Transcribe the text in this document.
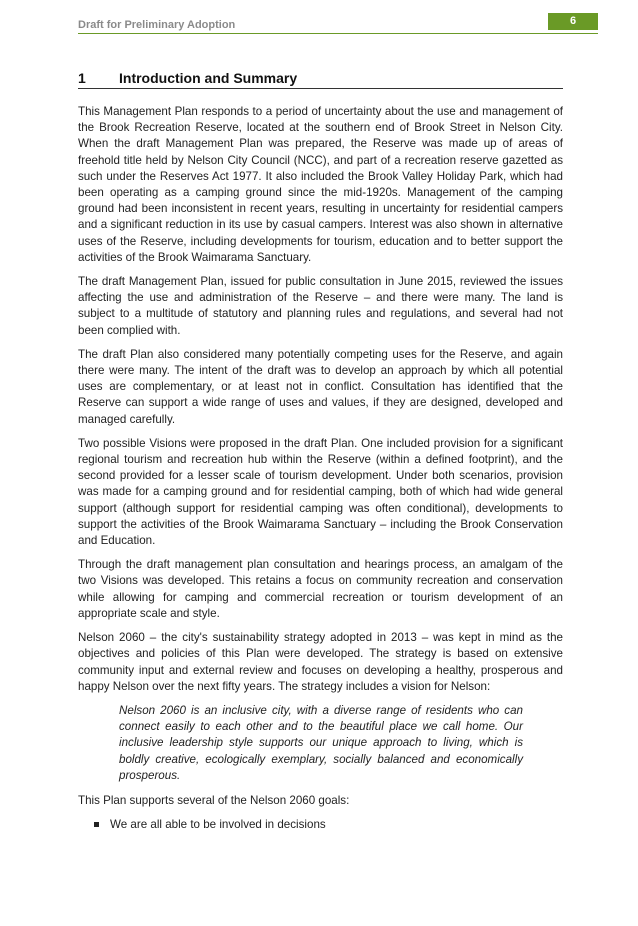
Draft for Preliminary Adoption	6
1 Introduction and Summary

This Management Plan responds to a period of uncertainty about the use and management of the Brook Recreation Reserve, located at the southern end of Brook Street in Nelson City. When the draft Management Plan was prepared, the Reserve was made up of areas of freehold title held by Nelson City Council (NCC), and part of a recreation reserve gazetted as such under the Reserves Act 1977. It also included the Brook Valley Holiday Park, which had been operating as a camping ground since the mid-1920s. Management of the camping ground had been inconsistent in recent years, resulting in uncertainty for residential campers and a significant reduction in its use by casual campers. Interest was also shown in alternative uses of the Reserve, including developments for tourism, education and to better support the activities of the Brook Waimarama Sanctuary.

The draft Management Plan, issued for public consultation in June 2015, reviewed the issues affecting the use and administration of the Reserve – and there were many. The land is subject to a multitude of statutory and planning rules and regulations, and several had not been complied with.

The draft Plan also considered many potentially competing uses for the Reserve, and again there were many. The intent of the draft was to develop an approach by which all potential uses are complementary, or at least not in conflict. Consultation has identified that the Reserve can support a wide range of uses and values, if they are designed, developed and managed carefully.

Two possible Visions were proposed in the draft Plan. One included provision for a significant regional tourism and recreation hub within the Reserve (within a defined footprint), and the second provided for a lesser scale of tourism development. Under both scenarios, provision was made for a camping ground and for residential camping, both of which had wide general support (although support for residential camping was often conditional), developments to support the activities of the Brook Waimarama Sanctuary – including the Brook Conservation and Education.

Through the draft management plan consultation and hearings process, an amalgam of the two Visions was developed. This retains a focus on community recreation and conservation while allowing for camping and commercial recreation or tourism development of an appropriate scale and style.

Nelson 2060 – the city's sustainability strategy adopted in 2013 – was kept in mind as the objectives and policies of this Plan were developed. The strategy is based on extensive community input and external review and focuses on developing a healthy, prosperous and happy Nelson over the next fifty years. The strategy includes a vision for Nelson:

Nelson 2060 is an inclusive city, with a diverse range of residents who can connect easily to each other and to the beautiful place we call home. Our inclusive leadership style supports our unique approach to living, which is boldly creative, ecologically exemplary, socially balanced and economically prosperous.

This Plan supports several of the Nelson 2060 goals:

We are all able to be involved in decisions
